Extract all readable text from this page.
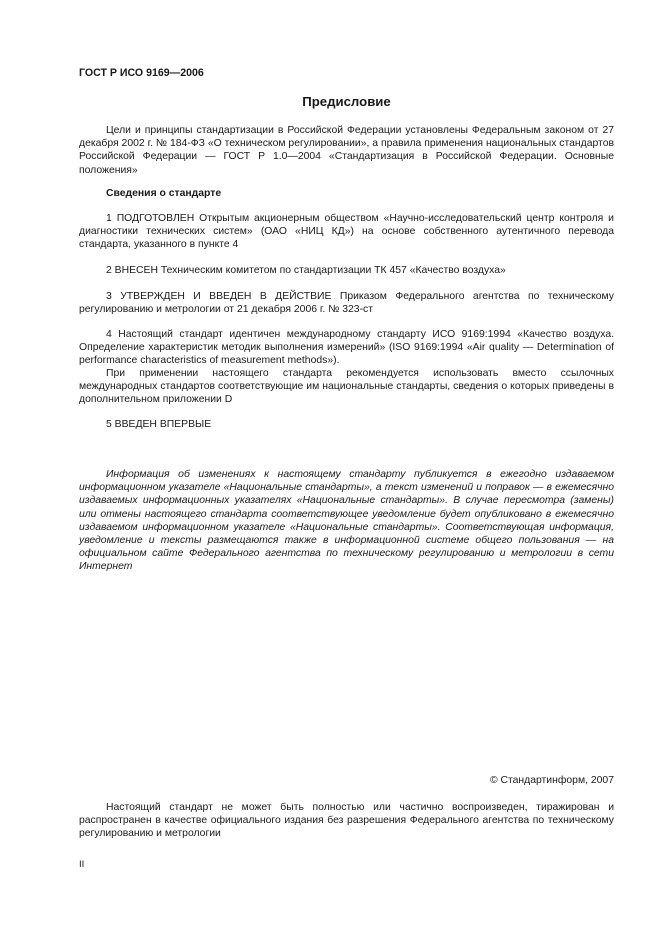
ГОСТ Р ИСО 9169—2006

Предисловие

Цели и принципы стандартизации в Российской Федерации установлены Федеральным законом от 27 декабря 2002 г. № 184-ФЗ «О техническом регулировании», а правила применения национальных стандартов Российской Федерации — ГОСТ Р 1.0—2004 «Стандартизация в Российской Федерации. Основные положения»

Сведения о стандарте

1 ПОДГОТОВЛЕН Открытым акционерным обществом «Научно-исследовательский центр контроля и диагностики технических систем» (ОАО «НИЦ КД») на основе собственного аутентичного перевода стандарта, указанного в пункте 4

2 ВНЕСЕН Техническим комитетом по стандартизации ТК 457 «Качество воздуха»

3 УТВЕРЖДЕН И ВВЕДЕН В ДЕЙСТВИЕ Приказом Федерального агентства по техническому регулированию и метрологии от 21 декабря 2006 г. № 323-ст

4 Настоящий стандарт идентичен международному стандарту ИСО 9169:1994 «Качество воздуха. Определение характеристик методик выполнения измерений» (ISO 9169:1994 «Air quality — Determination of performance characteristics of measurement methods»).

При применении настоящего стандарта рекомендуется использовать вместо ссылочных международных стандартов соответствующие им национальные стандарты, сведения о которых приведены в дополнительном приложении D

5 ВВЕДЕН ВПЕРВЫЕ

Информация об изменениях к настоящему стандарту публикуется в ежегодно издаваемом информационном указателе «Национальные стандарты», а текст изменений и поправок — в ежемесячно издаваемых информационных указателях «Национальные стандарты». В случае пересмотра (замены) или отмены настоящего стандарта соответствующее уведомление будет опубликовано в ежемесячно издаваемом информационном указателе «Национальные стандарты». Соответствующая информация, уведомление и тексты размещаются также в информационной системе общего пользования — на официальном сайте Федерального агентства по техническому регулированию и метрологии в сети Интернет

© Стандартинформ, 2007

Настоящий стандарт не может быть полностью или частично воспроизведен, тиражирован и распространен в качестве официального издания без разрешения Федерального агентства по техническому регулированию и метрологии

II
